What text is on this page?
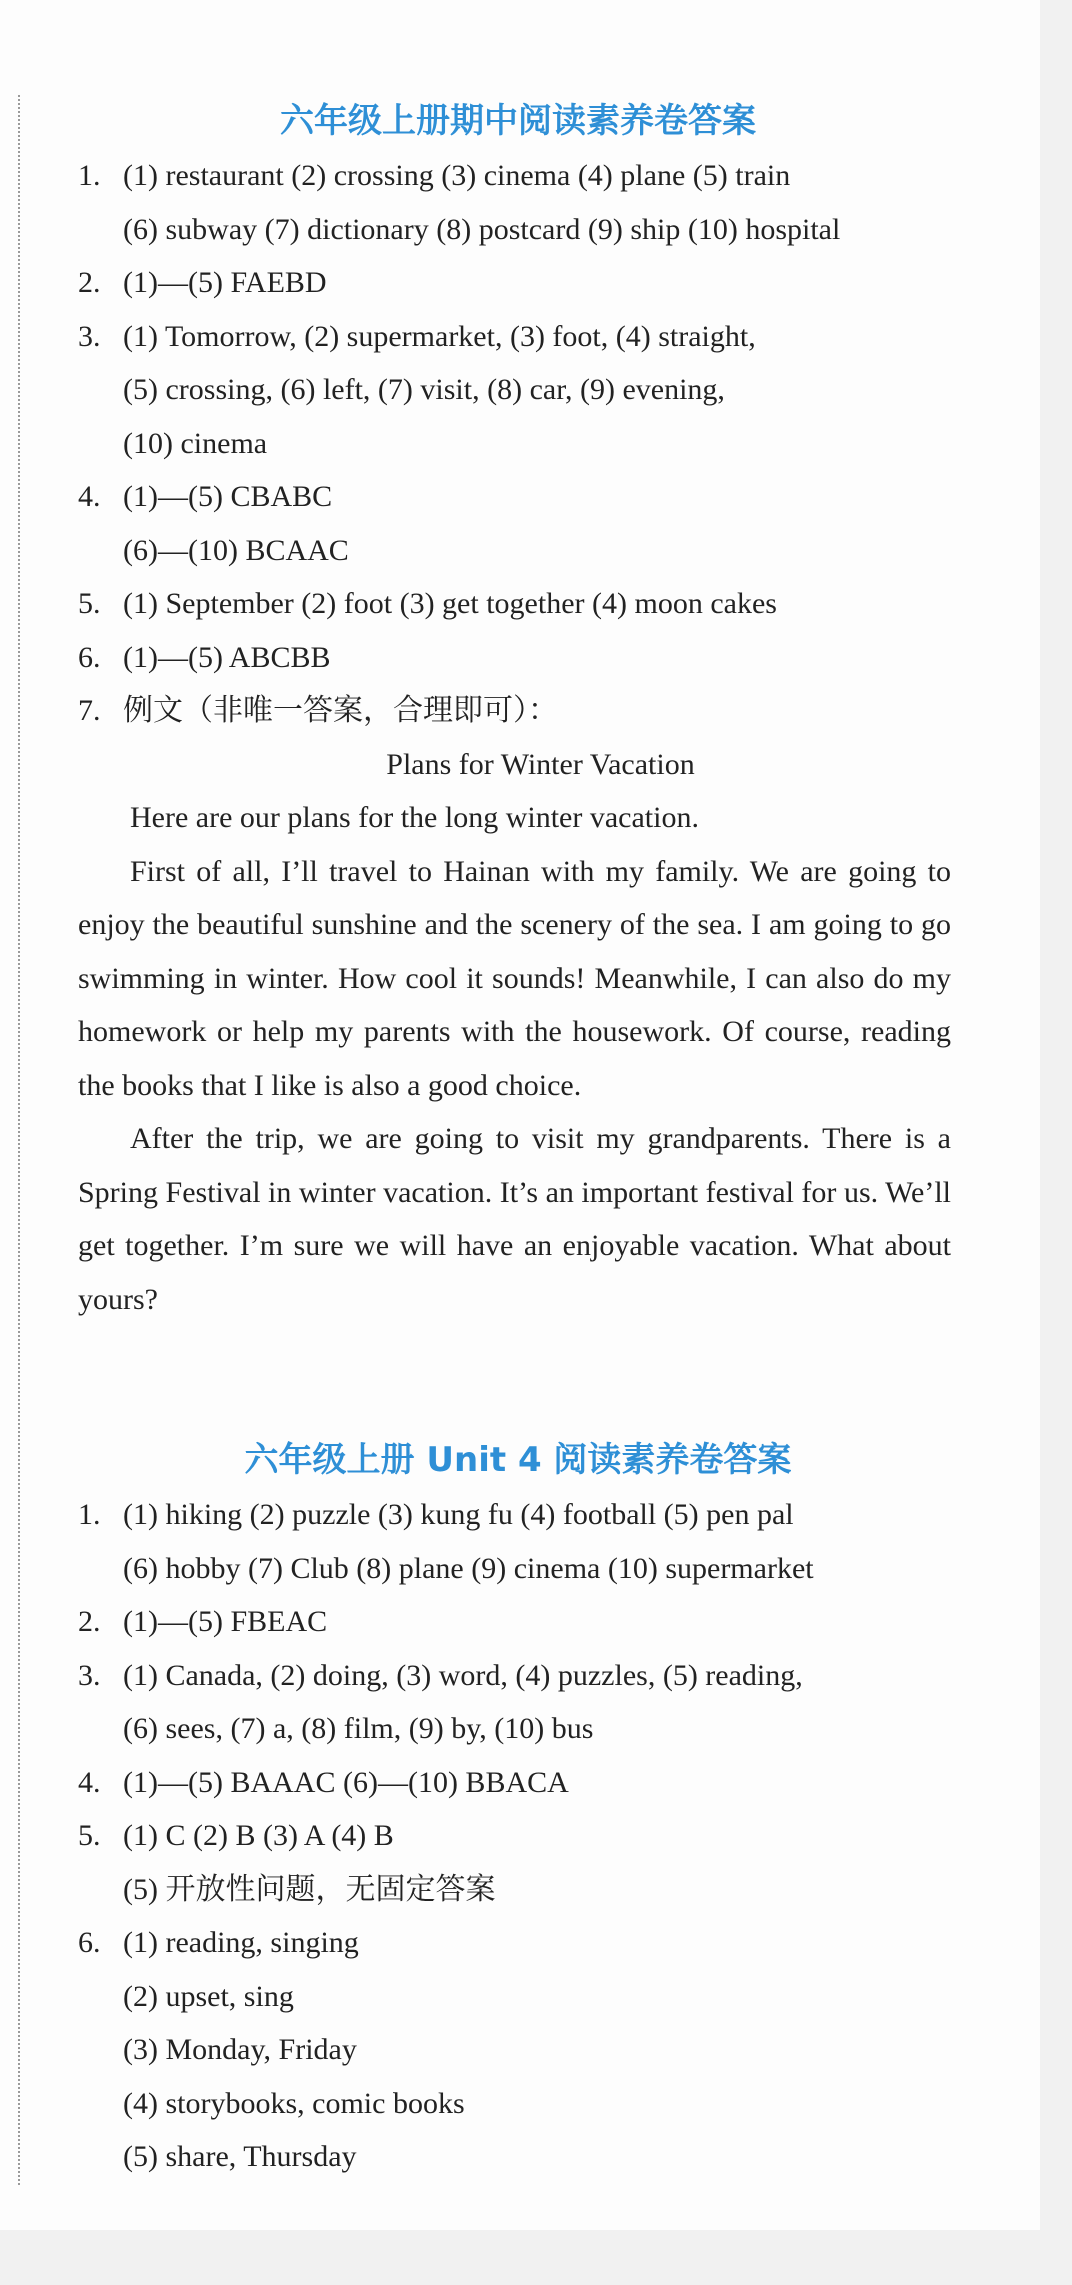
六年级上册期中阅读素养卷答案
1. (1) restaurant (2) crossing (3) cinema (4) plane (5) train
(6) subway (7) dictionary (8) postcard (9) ship (10) hospital
2. (1)—(5) FAEBD
3. (1) Tomorrow, (2) supermarket, (3) foot, (4) straight,
(5) crossing, (6) left, (7) visit, (8) car, (9) evening,
(10) cinema
4. (1)—(5) CBABC
(6)—(10) BCAAC
5. (1) September (2) foot (3) get together (4) moon cakes
6. (1)—(5) ABCBB
7. 例文（非唯一答案，合理即可）：
Plans for Winter Vacation

Here are our plans for the long winter vacation.

First of all, I’ll travel to Hainan with my family. We are going to enjoy the beautiful sunshine and the scenery of the sea. I am going to go swimming in winter. How cool it sounds! Meanwhile, I can also do my homework or help my parents with the housework. Of course, reading the books that I like is also a good choice.

After the trip, we are going to visit my grandparents. There is a Spring Festival in winter vacation. It’s an important festival for us. We’ll get together. I’m sure we will have an enjoyable vacation. What about yours?

六年级上册 Unit 4 阅读素养卷答案
1. (1) hiking (2) puzzle (3) kung fu (4) football (5) pen pal
(6) hobby (7) Club (8) plane (9) cinema (10) supermarket
2. (1)—(5) FBEAC
3. (1) Canada, (2) doing, (3) word, (4) puzzles, (5) reading,
(6) sees, (7) a, (8) film, (9) by, (10) bus
4. (1)—(5) BAAAC (6)—(10) BBACA
5. (1) C (2) B (3) A (4) B
(5) 开放性问题，无固定答案
6. (1) reading, singing
(2) upset, sing
(3) Monday, Friday
(4) storybooks, comic books
(5) share, Thursday
